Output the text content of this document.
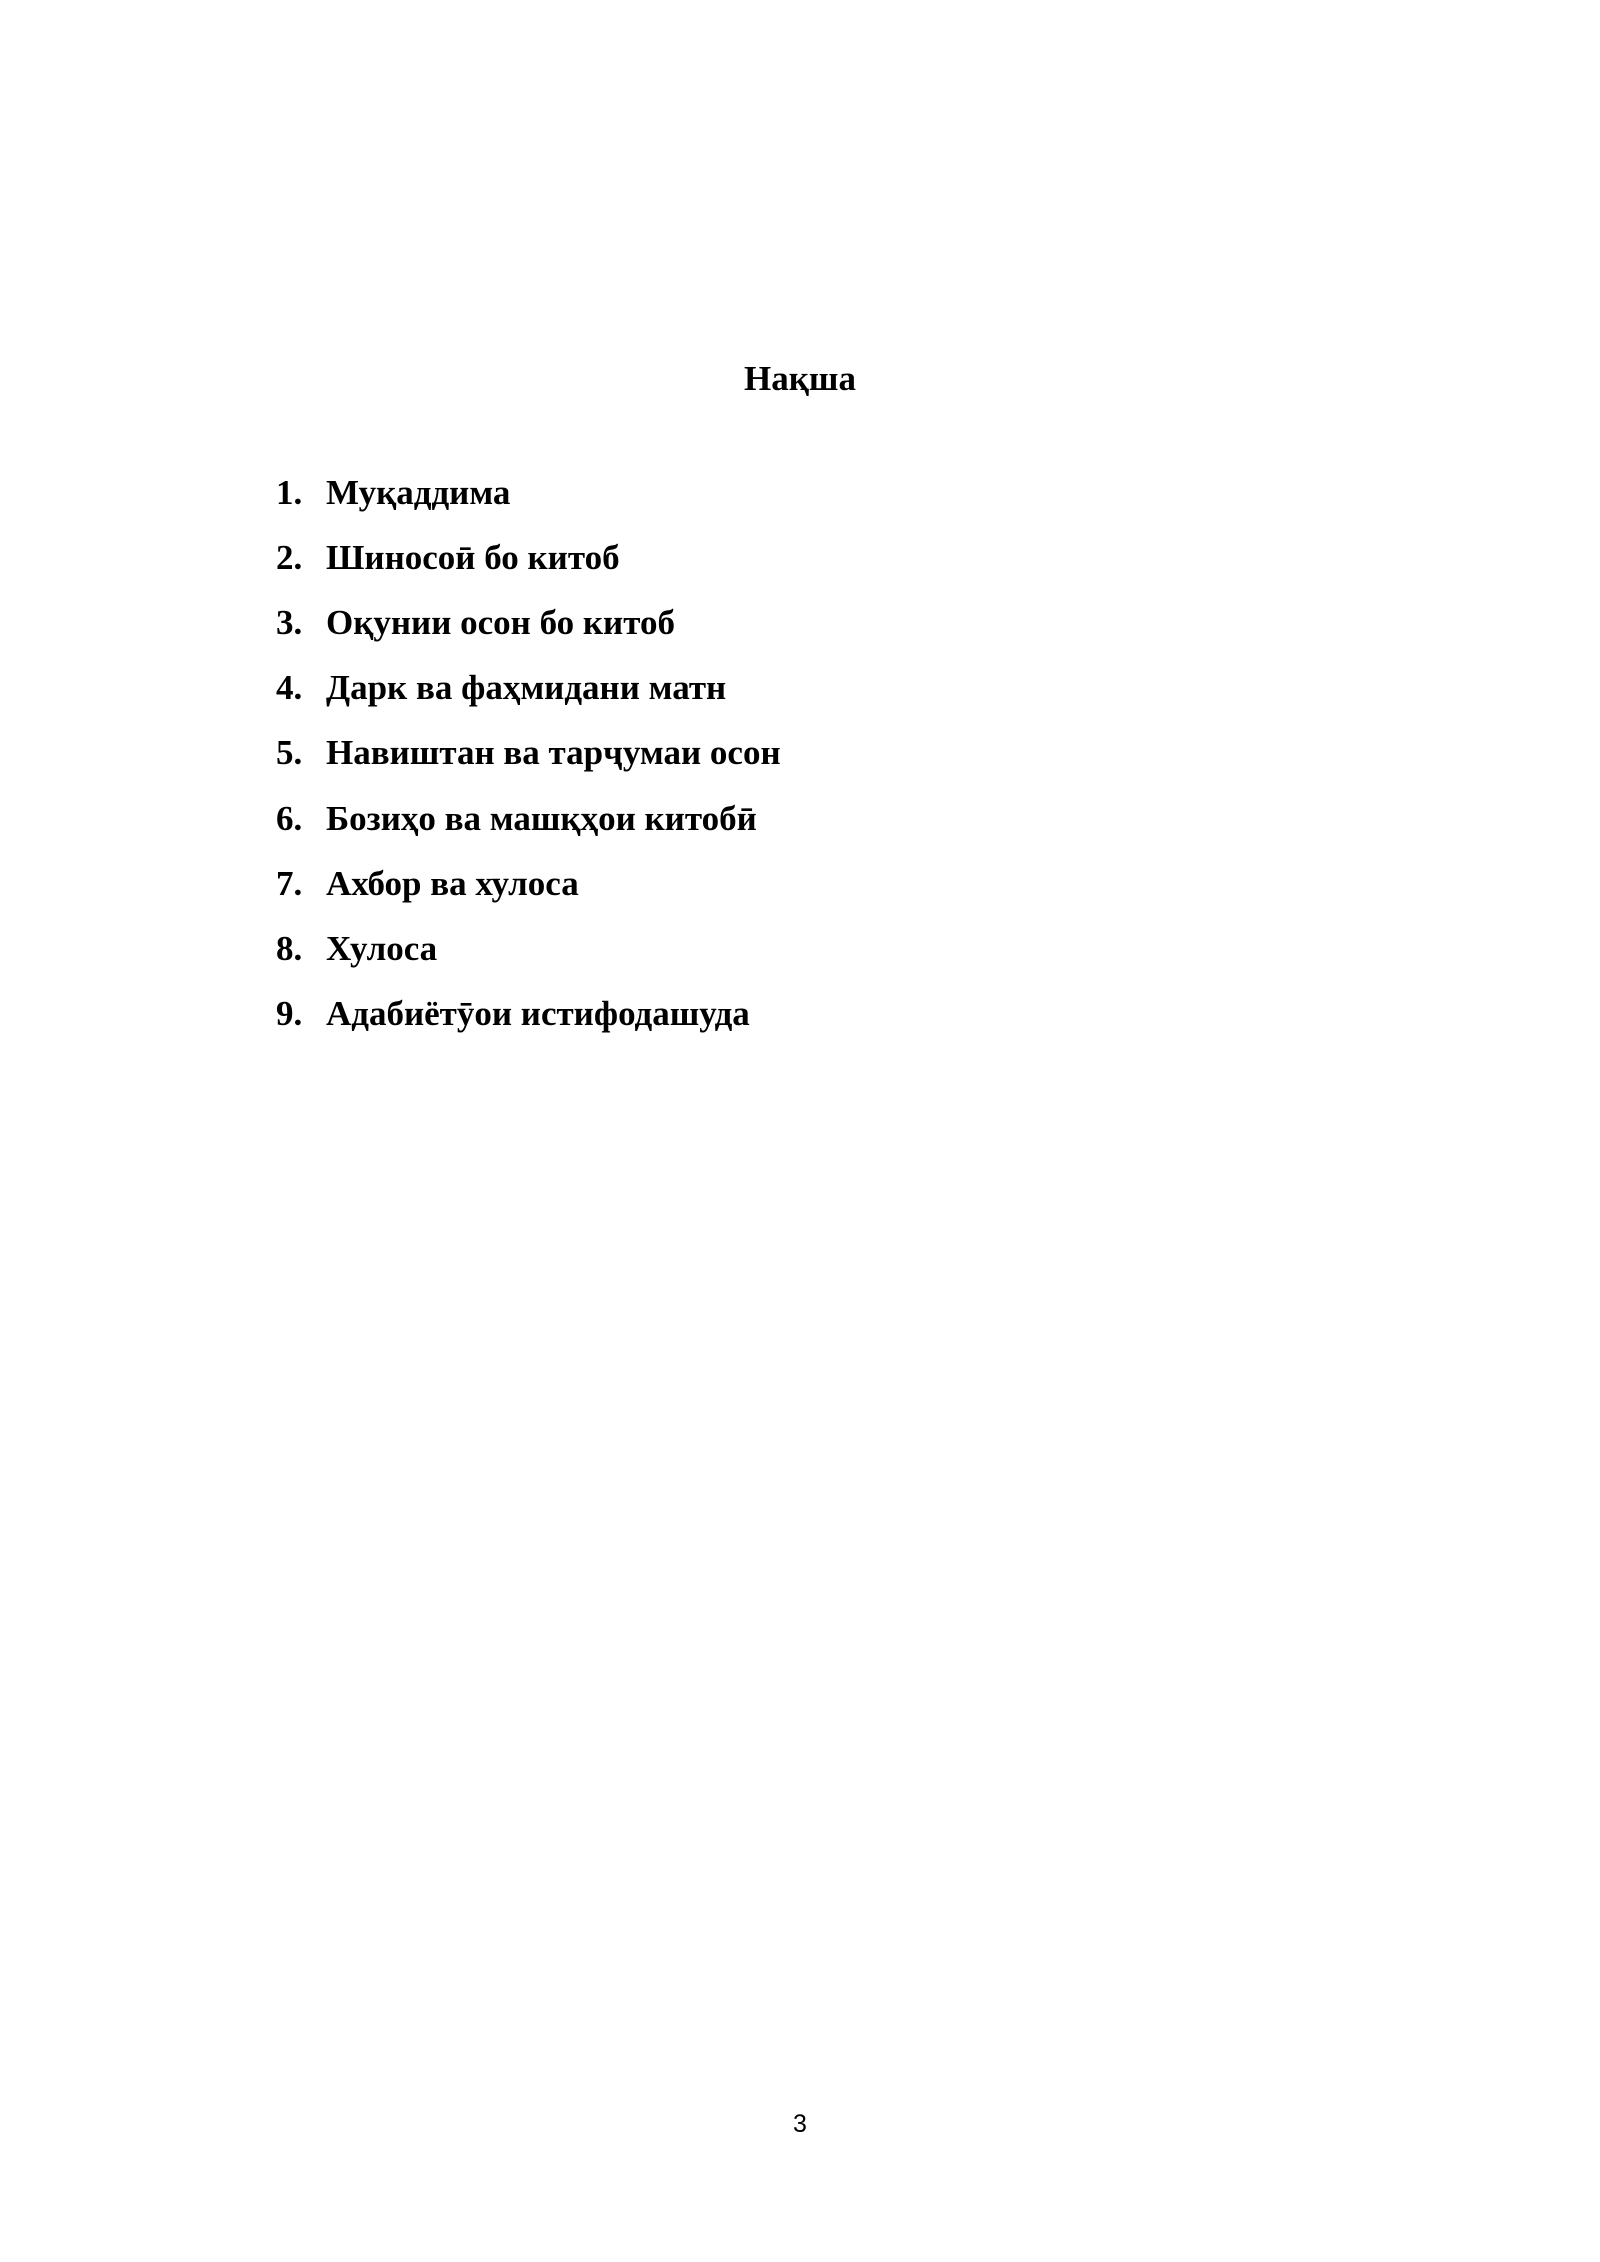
Нақша
1. Муқаддима
2. Шиносоӣ бо китоб
3. Оқунии осон бо китоб
4. Дарк ва фаҳмидани матн
5. Навиштан ва тарҷумаи осон
6. Бозиҳо ва машқҳои китобӣ
7. Ахбор ва хулоса
8. Хулоса
9. Адабиётӯои истифодашуда
3
